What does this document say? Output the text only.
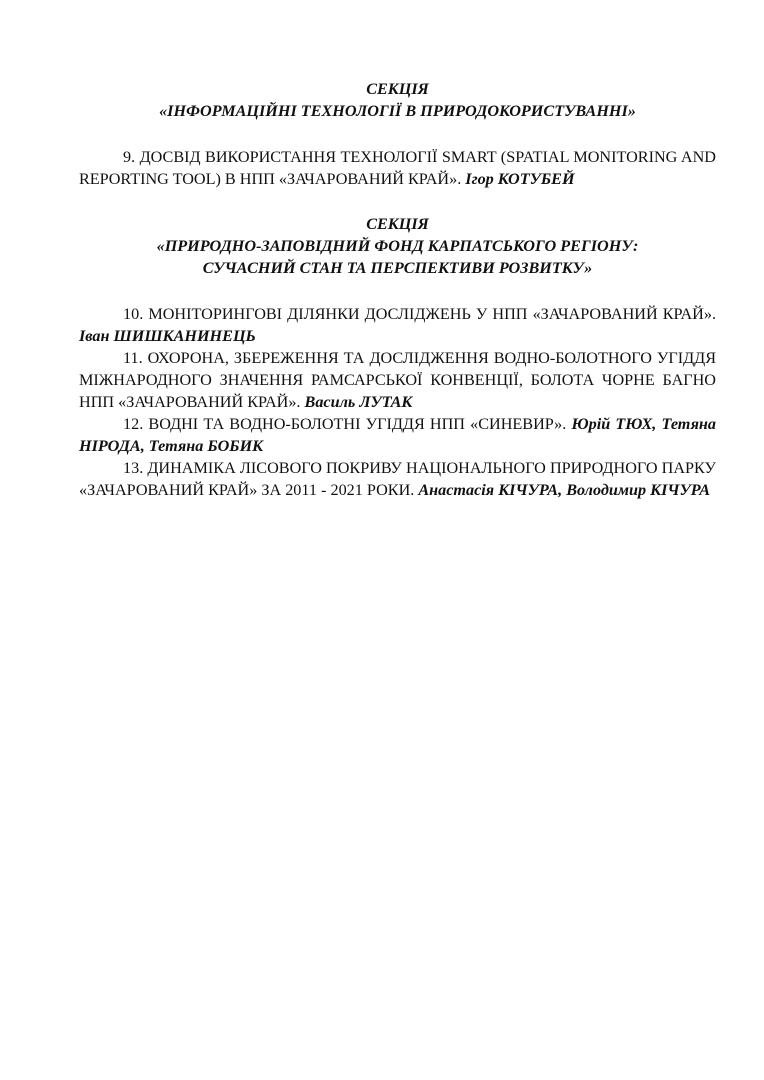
СЕКЦІЯ
«ІНФОРМАЦІЙНІ ТЕХНОЛОГІЇ В ПРИРОДОКОРИСТУВАННІ»

9. ДОСВІД ВИКОРИСТАННЯ ТЕХНОЛОГІЇ SMART (SPATIAL MONITORING AND REPORTING TOOL) В НПП «ЗАЧАРОВАНИЙ КРАЙ». Ігор КОТУБЕЙ

СЕКЦІЯ
«ПРИРОДНО-ЗАПОВІДНИЙ ФОНД КАРПАТСЬКОГО РЕГІОНУ:
СУЧАСНИЙ СТАН ТА ПЕРСПЕКТИВИ РОЗВИТКУ»

10. МОНІТОРИНГОВІ ДІЛЯНКИ ДОСЛІДЖЕНЬ У НПП «ЗАЧАРОВАНИЙ КРАЙ». Іван ШИШКАНИНЕЦЬ

11. ОХОРОНА, ЗБЕРЕЖЕННЯ ТА ДОСЛІДЖЕННЯ ВОДНО-БОЛОТНОГО УГІДДЯ МІЖНАРОДНОГО ЗНАЧЕННЯ РАМСАРСЬКОЇ КОНВЕНЦІЇ, БОЛОТА ЧОРНЕ БАГНО НПП «ЗАЧАРОВАНИЙ КРАЙ». Василь ЛУТАК

12. ВОДНІ ТА ВОДНО-БОЛОТНІ УГІДДЯ НПП «СИНЕВИР». Юрій ТЮХ, Тетяна НІРОДА, Тетяна БОБИК

13. ДИНАМІКА ЛІСОВОГО ПОКРИВУ НАЦІОНАЛЬНОГО ПРИРОДНОГО ПАРКУ «ЗАЧАРОВАНИЙ КРАЙ» ЗА 2011 - 2021 РОКИ. Анастасія КІЧУРА, Володимир КІЧУРА
